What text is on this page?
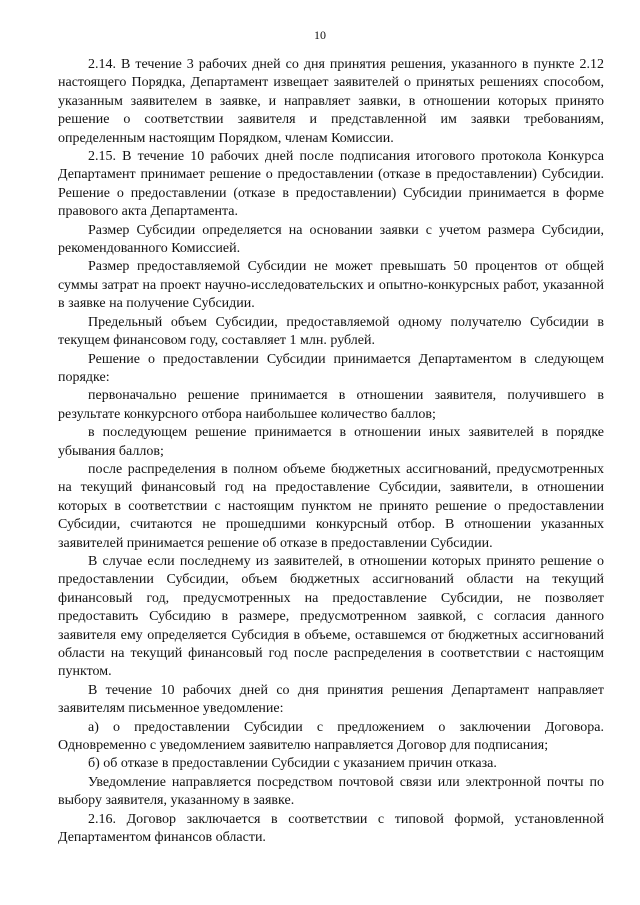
10

2.14. В течение 3 рабочих дней со дня принятия решения, указанного в пункте 2.12 настоящего Порядка, Департамент извещает заявителей о принятых решениях способом, указанным заявителем в заявке, и направляет заявки, в отношении которых принято решение о соответствии заявителя и представленной им заявки требованиям, определенным настоящим Порядком, членам Комиссии.

2.15. В течение 10 рабочих дней после подписания итогового протокола Конкурса Департамент принимает решение о предоставлении (отказе в предоставлении) Субсидии. Решение о предоставлении (отказе в предоставлении) Субсидии принимается в форме правового акта Департамента.

Размер Субсидии определяется на основании заявки с учетом размера Субсидии, рекомендованного Комиссией.

Размер предоставляемой Субсидии не может превышать 50 процентов от общей суммы затрат на проект научно-исследовательских и опытно-конкурсных работ, указанной в заявке на получение Субсидии.

Предельный объем Субсидии, предоставляемой одному получателю Субсидии в текущем финансовом году, составляет 1 млн. рублей.

Решение о предоставлении Субсидии принимается Департаментом в следующем порядке:

первоначально решение принимается в отношении заявителя, получившего в результате конкурсного отбора наибольшее количество баллов;

в последующем решение принимается в отношении иных заявителей в порядке убывания баллов;

после распределения в полном объеме бюджетных ассигнований, предусмотренных на текущий финансовый год на предоставление Субсидии, заявители, в отношении которых в соответствии с настоящим пунктом не принято решение о предоставлении Субсидии, считаются не прошедшими конкурсный отбор. В отношении указанных заявителей принимается решение об отказе в предоставлении Субсидии.

В случае если последнему из заявителей, в отношении которых принято решение о предоставлении Субсидии, объем бюджетных ассигнований области на текущий финансовый год, предусмотренных на предоставление Субсидии, не позволяет предоставить Субсидию в размере, предусмотренном заявкой, с согласия данного заявителя ему определяется Субсидия в объеме, оставшемся от бюджетных ассигнований области на текущий финансовый год после распределения в соответствии с настоящим пунктом.

В течение 10 рабочих дней со дня принятия решения Департамент направляет заявителям письменное уведомление:

а) о предоставлении Субсидии с предложением о заключении Договора. Одновременно с уведомлением заявителю направляется Договор для подписания;

б) об отказе в предоставлении Субсидии с указанием причин отказа.

Уведомление направляется посредством почтовой связи или электронной почты по выбору заявителя, указанному в заявке.

2.16. Договор заключается в соответствии с типовой формой, установленной Департаментом финансов области.
